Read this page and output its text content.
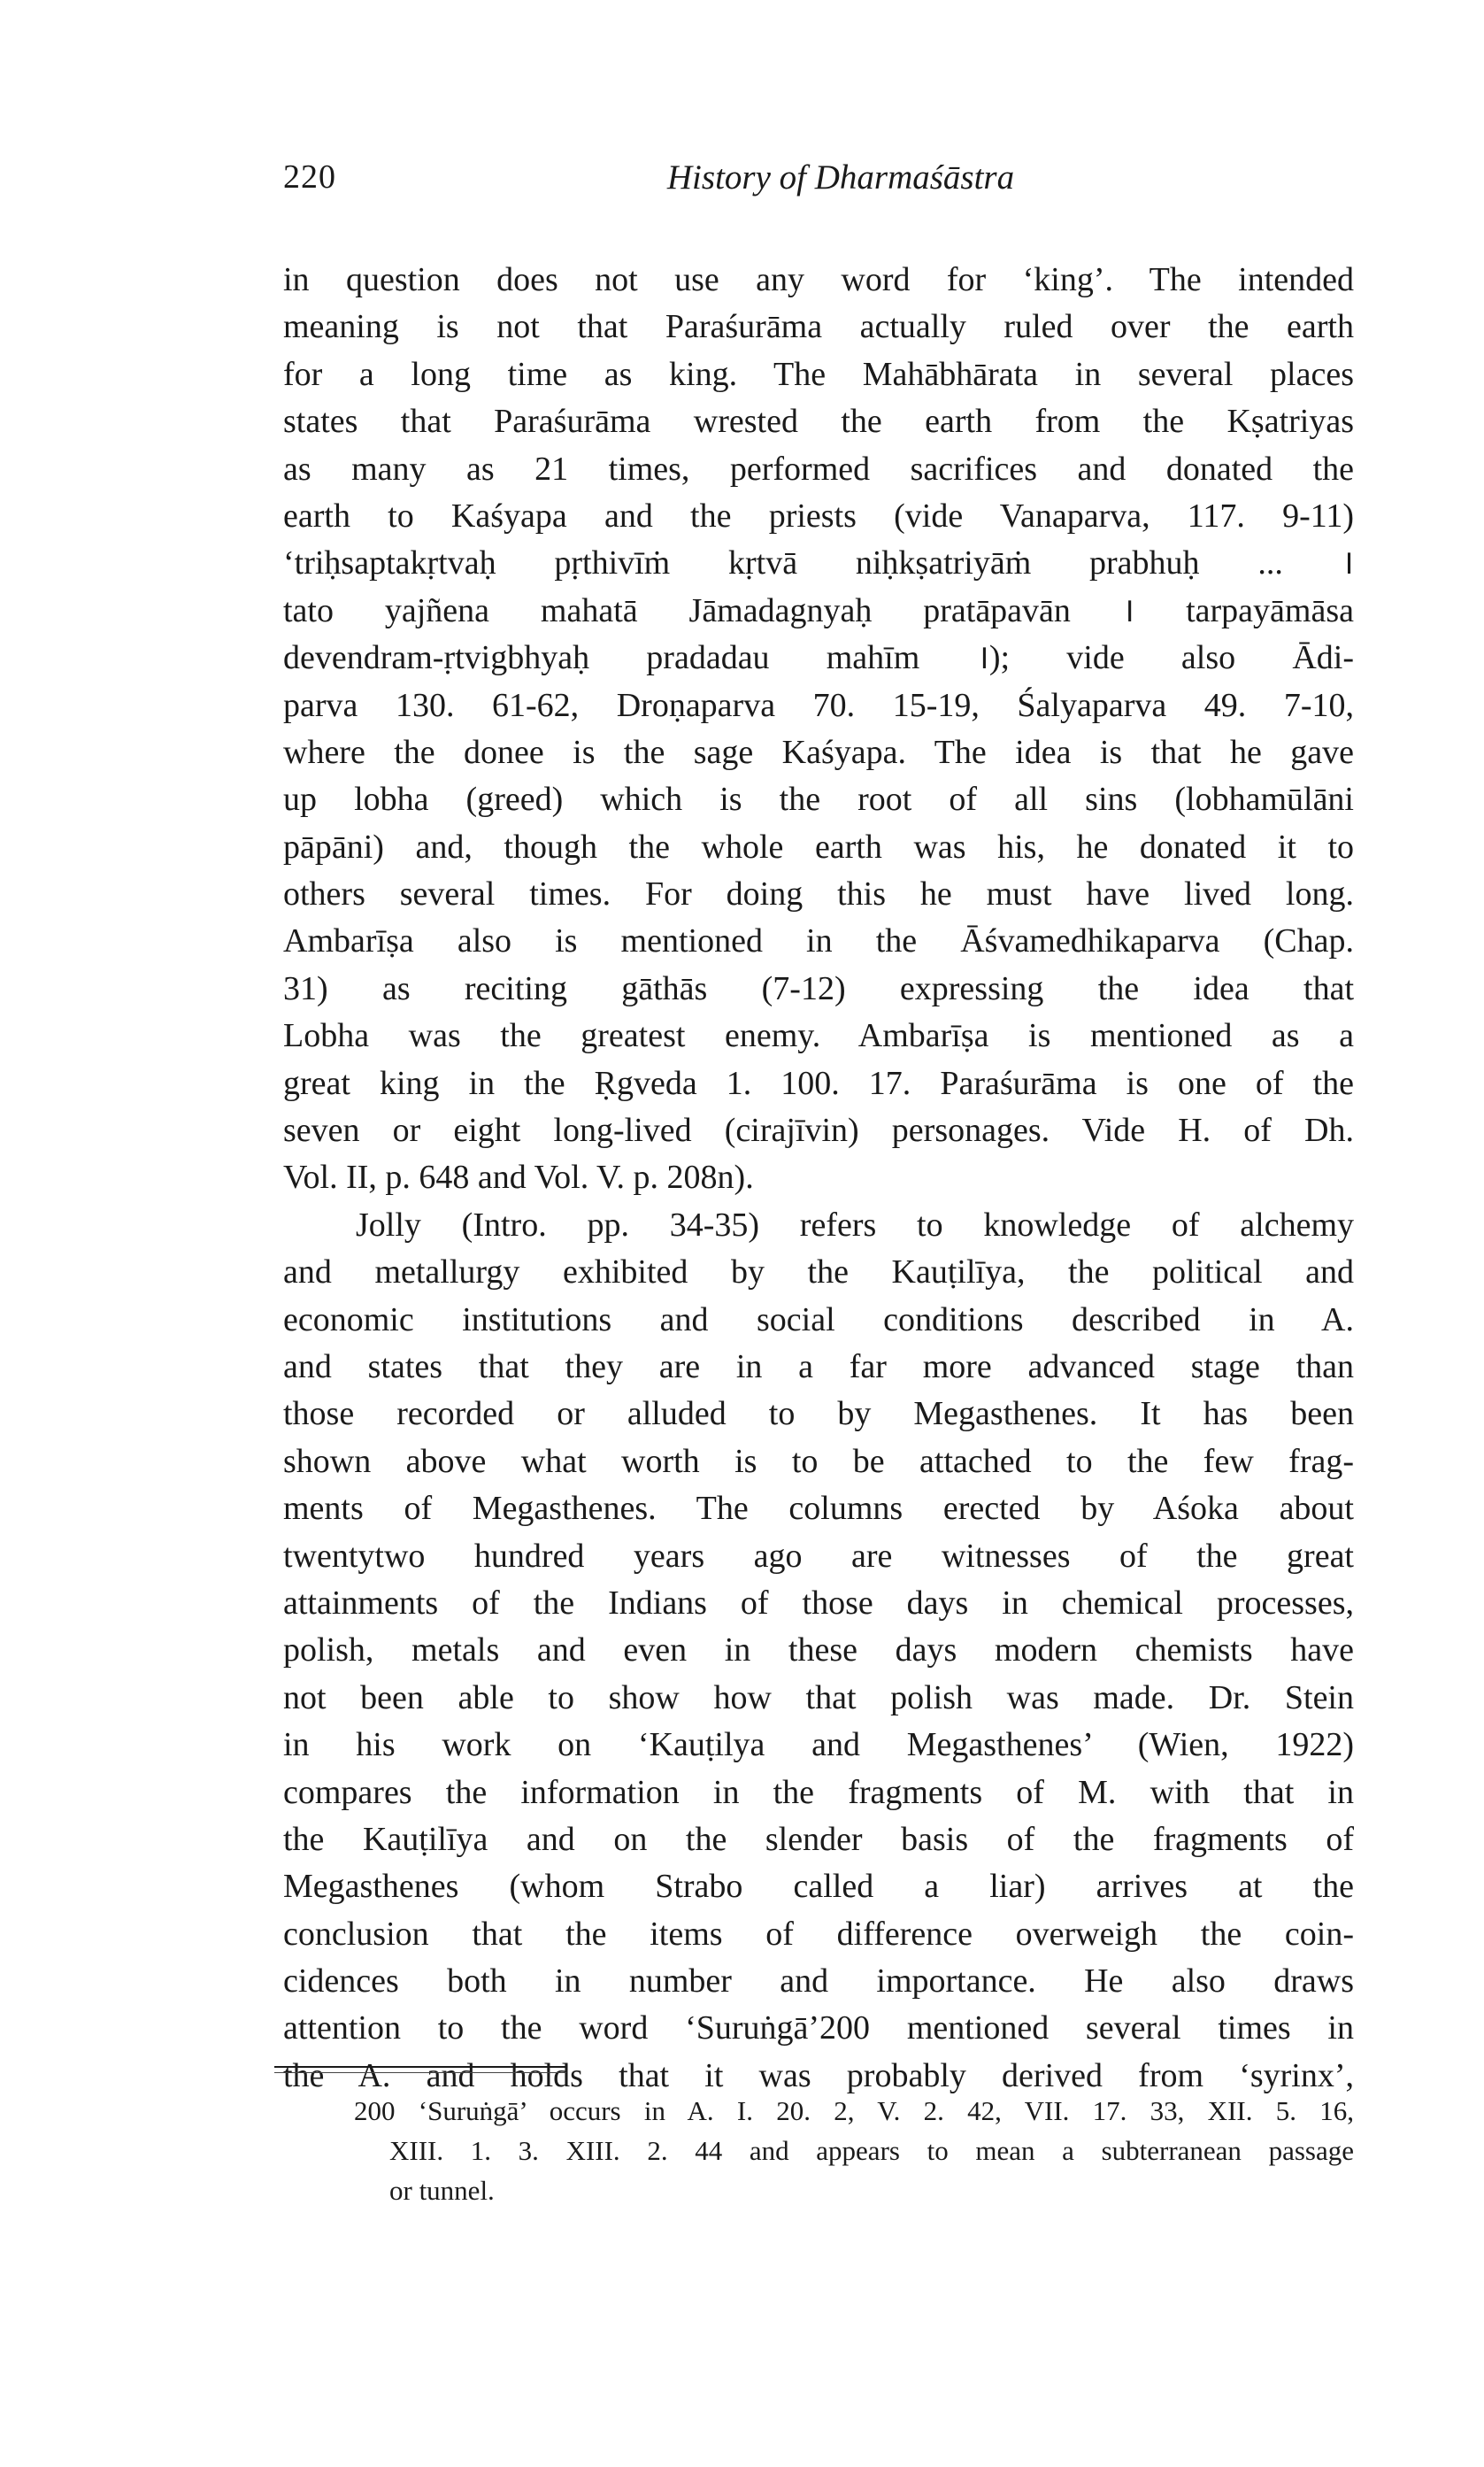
220	History of Dharmaśāstra
in question does not use any word for ‘king’. The intended
meaning is not that Paraśurāma actually ruled over the earth
for a long time as king. The Mahābhārata in several places
states that Paraśurāma wrested the earth from the Kṣatriyas
as many as 21 times, performed sacrifices and donated the
earth to Kaśyapa and the priests (vide Vanaparva, 117. 9-11)
‘triḥsaptakṛtvaḥ pṛthivīṁ kṛtvā niḥkṣatriyāṁ prabhuḥ ... ।
tato yajñena mahatā Jāmadagnyaḥ pratāpavān । tarpayāmāsa
devendram-ṛtvigbhyaḥ pradadau mahīm ।); vide also Ādi-
parva 130. 61-62, Droṇaparva 70. 15-19, Śalyaparva 49. 7-10,
where the donee is the sage Kaśyapa. The idea is that he gave
up lobha (greed) which is the root of all sins (lobhamūlāni
pāpāni) and, though the whole earth was his, he donated it to
others several times. For doing this he must have lived long.
Ambarīṣa also is mentioned in the Āśvamedhikaparva (Chap.
31) as reciting gāthās (7-12) expressing the idea that
Lobha was the greatest enemy. Ambarīṣa is mentioned as a
great king in the Ṛgveda 1. 100. 17. Paraśurāma is one of the
seven or eight long-lived (cirajīvin) personages. Vide H. of Dh.
Vol. II, p. 648 and Vol. V. p. 208n).
Jolly (Intro. pp. 34-35) refers to knowledge of alchemy
and metallurgy exhibited by the Kauṭilīya, the political and
economic institutions and social conditions described in A.
and states that they are in a far more advanced stage than
those recorded or alluded to by Megasthenes. It has been
shown above what worth is to be attached to the few frag-
ments of Megasthenes. The columns erected by Aśoka about
twentytwo hundred years ago are witnesses of the great
attainments of the Indians of those days in chemical processes,
polish, metals and even in these days modern chemists have
not been able to show how that polish was made. Dr. Stein
in his work on ‘Kauṭilya and Megasthenes’ (Wien, 1922)
compares the information in the fragments of M. with that in
the Kauṭilīya and on the slender basis of the fragments of
Megasthenes (whom Strabo called a liar) arrives at the
conclusion that the items of difference overweigh the coin-
cidences both in number and importance. He also draws
attention to the word ‘Suruṅgā’200 mentioned several times in
the A. and holds that it was probably derived from ‘syrinx’,
200 ‘Suruṅgā’ occurs in A. I. 20. 2, V. 2. 42, VII. 17. 33, XII. 5. 16,
XIII. 1. 3. XIII. 2. 44 and appears to mean a subterranean passage
or tunnel.
